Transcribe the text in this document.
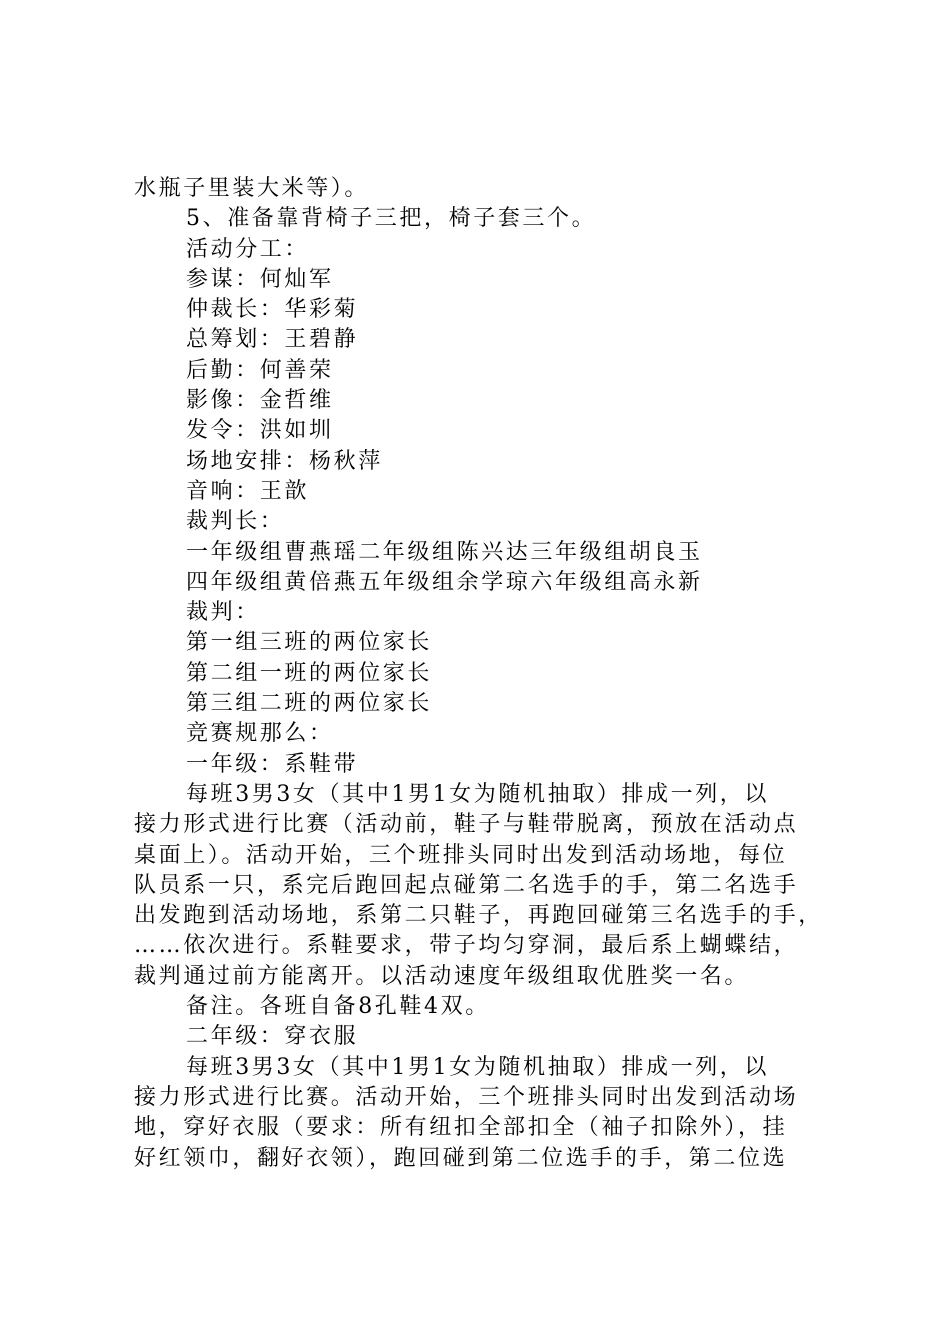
水瓶子里装大米等）。
5、准备靠背椅子三把，椅子套三个。
活动分工：
参谋：何灿军
仲裁长：华彩菊
总筹划：王碧静
后勤：何善荣
影像：金哲维
发令：洪如圳
场地安排：杨秋萍
音响：王歆
裁判长：
一年级组曹燕瑶二年级组陈兴达三年级组胡良玉
四年级组黄倍燕五年级组余学琼六年级组高永新
裁判：
第一组三班的两位家长
第二组一班的两位家长
第三组二班的两位家长
竞赛规那么：
一年级：系鞋带
每班3男3女（其中1男1女为随机抽取）排成一列，以
接力形式进行比赛（活动前，鞋子与鞋带脱离，预放在活动点
桌面上）。活动开始，三个班排头同时出发到活动场地，每位
队员系一只，系完后跑回起点碰第二名选手的手，第二名选手
出发跑到活动场地，系第二只鞋子，再跑回碰第三名选手的手，
……依次进行。系鞋要求，带子均匀穿洞，最后系上蝴蝶结，
裁判通过前方能离开。以活动速度年级组取优胜奖一名。
备注。各班自备8孔鞋4双。
二年级：穿衣服
每班3男3女（其中1男1女为随机抽取）排成一列，以
接力形式进行比赛。活动开始，三个班排头同时出发到活动场
地，穿好衣服（要求：所有纽扣全部扣全（袖子扣除外），挂
好红领巾，翻好衣领），跑回碰到第二位选手的手，第二位选
